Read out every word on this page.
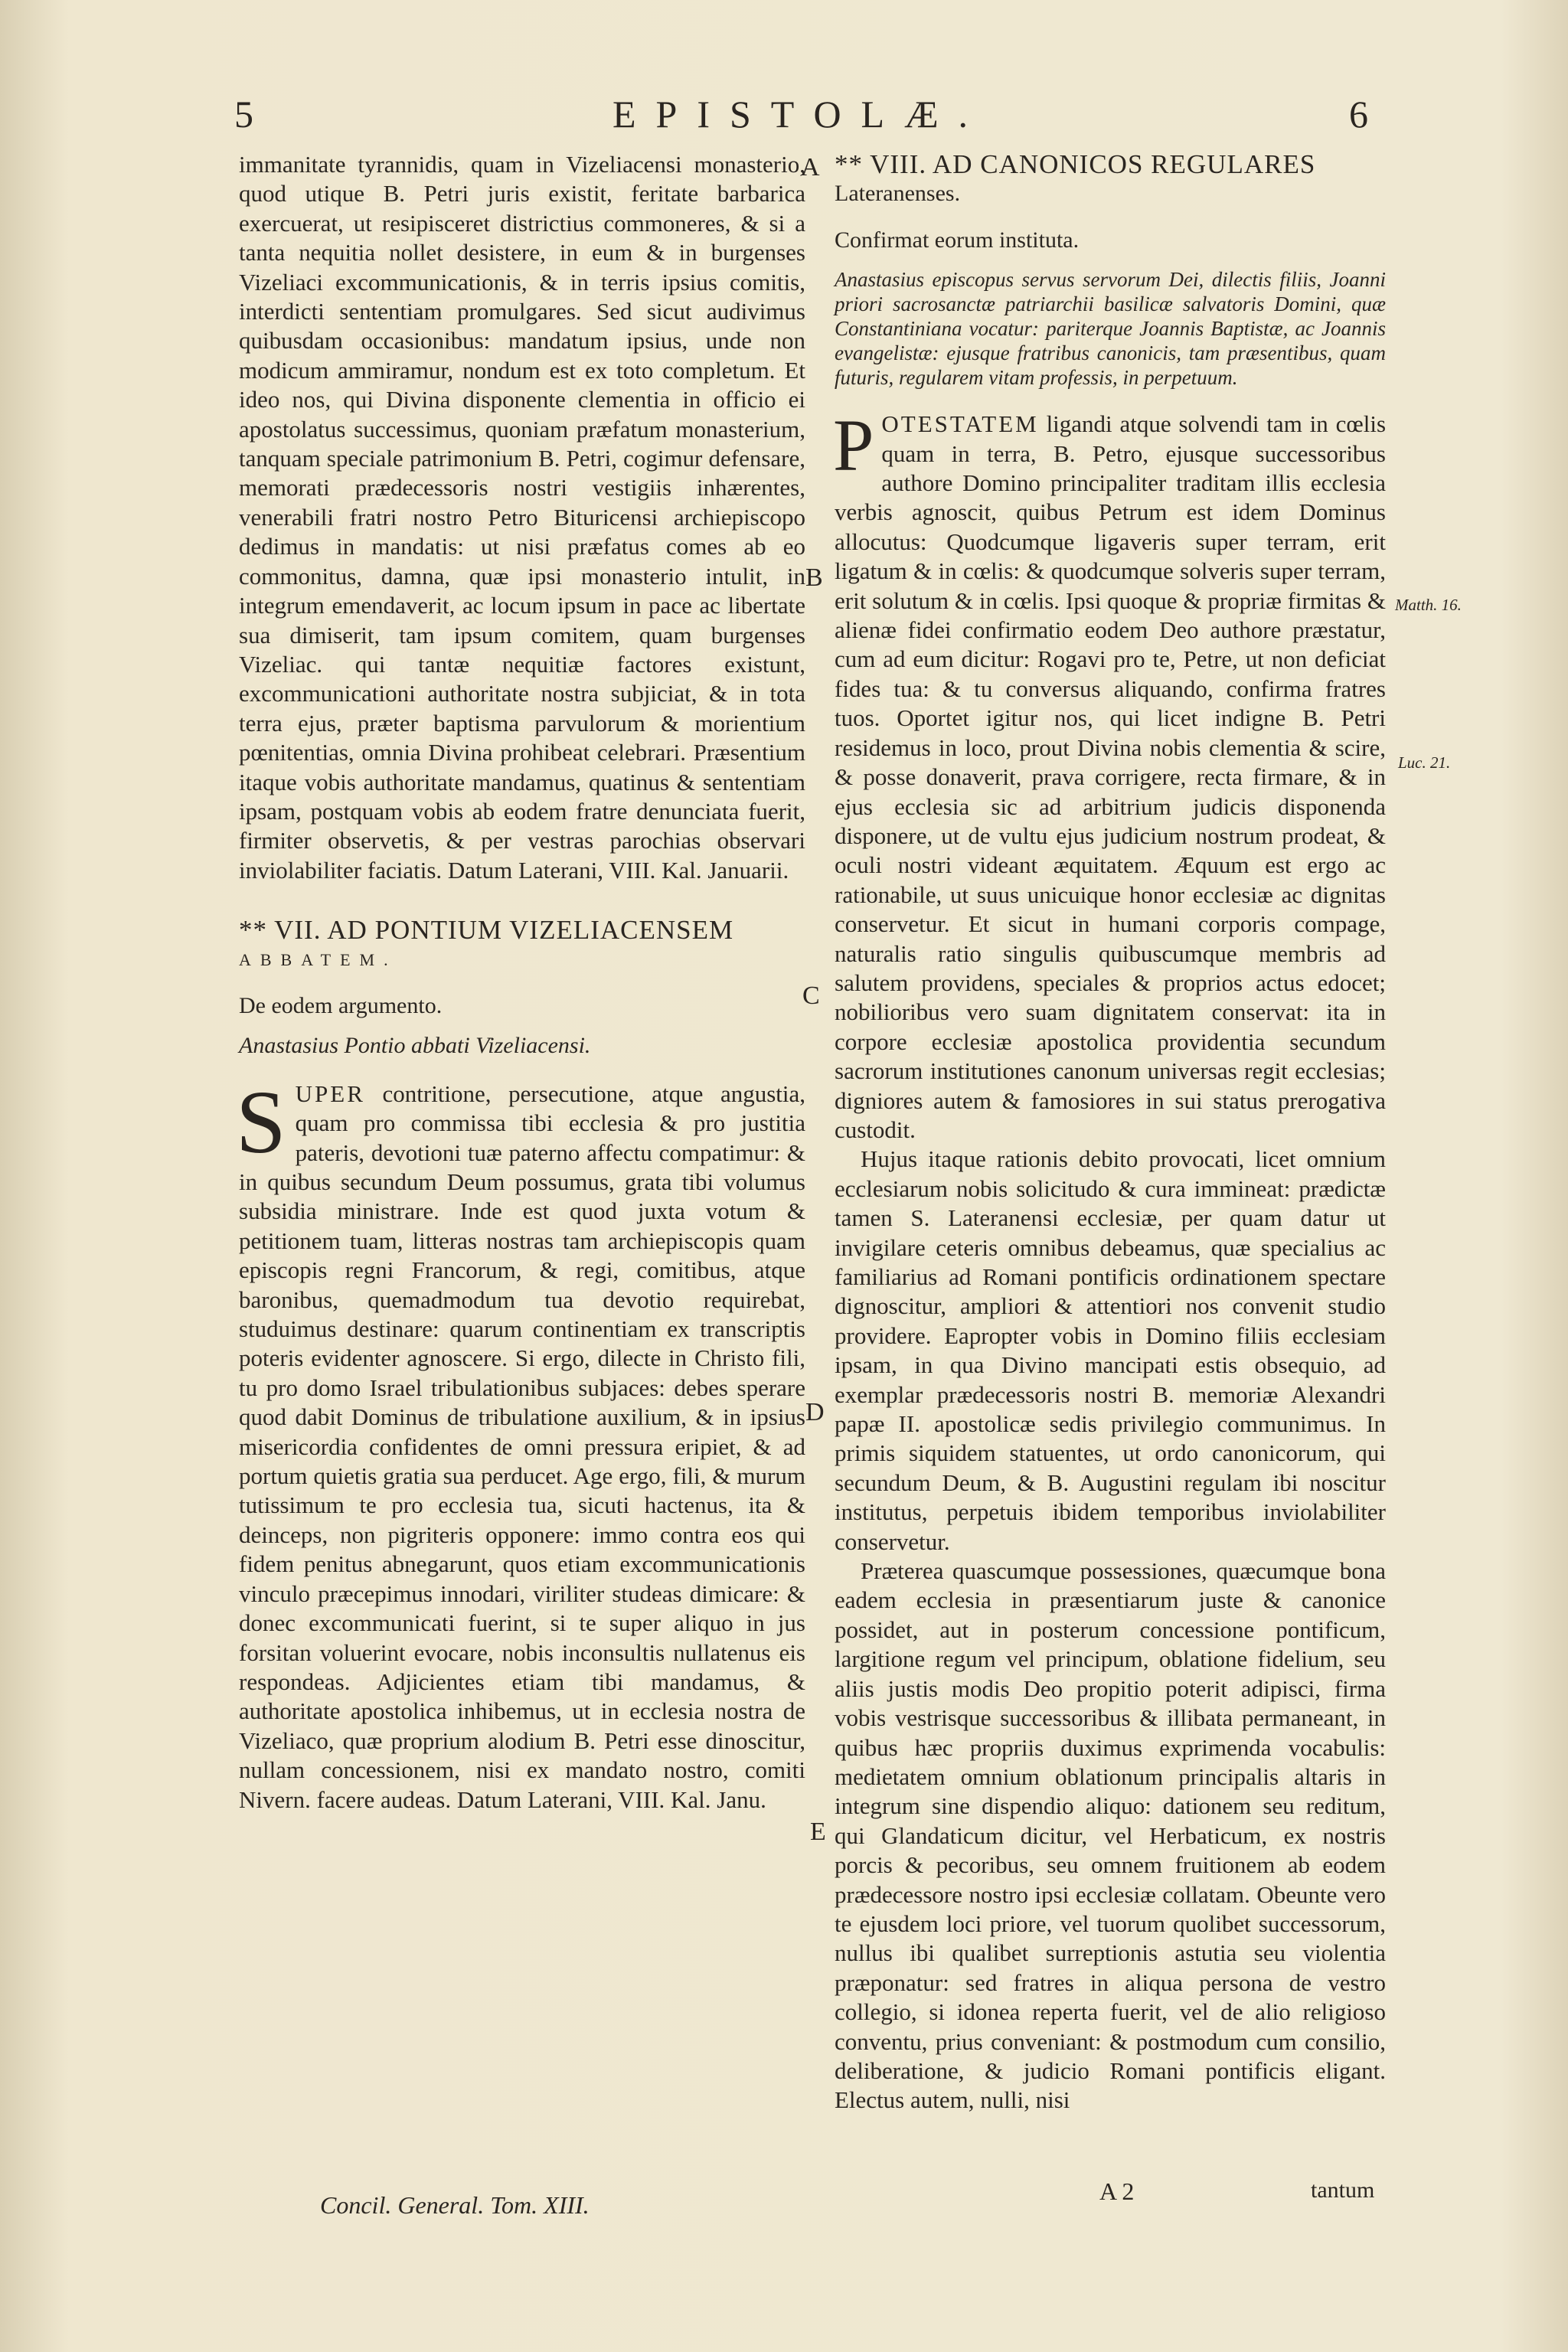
5	EPISTOLÆ.	6

immanitate tyrannidis, quam in Vizeliacensi monasterio, quod utique B. Petri juris existit, feritate barbarica exercuerat, ut resipisceret districtius commoneres, & si a tanta nequitia nollet desistere, in eum & in burgenses Vizeliaci excommunicationis, & in terris ipsius comitis, interdicti sententiam promulgares. Sed sicut audivimus quibusdam occasionibus: mandatum ipsius, unde non modicum ammiramur, nondum est ex toto completum. Et ideo nos, qui Divina disponente clementia in officio ei apostolatus successimus, quoniam præfatum monasterium, tanquam speciale patrimonium B. Petri, cogimur defensare, memorati prædecessoris nostri vestigiis inhærentes, venerabili fratri nostro Petro Bituricensi archiepiscopo dedimus in mandatis: ut nisi præfatus comes ab eo commonitus, damna, quæ ipsi monasterio intulit, in integrum emendaverit, ac locum ipsum in pace ac libertate sua dimiserit, tam ipsum comitem, quam burgenses Vizeliac. qui tantæ nequitiæ factores existunt, excommunicationi authoritate nostra subjiciat, & in tota terra ejus, præter baptisma parvulorum & morientium pœnitentias, omnia Divina prohibeat celebrari. Præsentium itaque vobis authoritate mandamus, quatinus & sententiam ipsam, postquam vobis ab eodem fratre denunciata fuerit, firmiter observetis, & per vestras parochias observari inviolabiliter faciatis. Datum Laterani, VIII. Kal. Januarii.

** VII. AD PONTIUM VIZELIACENSEM

ABBATEM.

De eodem argumento.

Anastasius Pontio abbati Vizeliacensi.

S UPER contritione, persecutione, atque angustia, quam pro commissa tibi ecclesia & pro justitia pateris, devotioni tuæ paterno affectu compatimur: & in quibus secundum Deum possumus, grata tibi volumus subsidia ministrare. Inde est quod juxta votum & petitionem tuam, litteras nostras tam archiepiscopis quam episcopis regni Francorum, & regi, comitibus, atque baronibus, quemadmodum tua devotio requirebat, studuimus destinare: quarum continentiam ex transcriptis poteris evidenter agnoscere. Si ergo, dilecte in Christo fili, tu pro domo Israel tribulationibus subjaces: debes sperare quod dabit Dominus de tribulatione auxilium, & in ipsius misericordia confidentes de omni pressura eripiet, & ad portum quietis gratia sua perducet. Age ergo, fili, & murum tutissimum te pro ecclesia tua, sicuti hactenus, ita & deinceps, non pigriteris opponere: immo contra eos qui fidem penitus abnegarunt, quos etiam excommunicationis vinculo præcepimus innodari, viriliter studeas dimicare: & donec excommunicati fuerint, si te super aliquo in jus forsitan voluerint evocare, nobis inconsultis nullatenus eis respondeas. Adjicientes etiam tibi mandamus, & authoritate apostolica inhibemus, ut in ecclesia nostra de Vizeliaco, quæ proprium alodium B. Petri esse dinoscitur, nullam concessionem, nisi ex mandato nostro, comiti Nivern. facere audeas. Datum Laterani, VIII. Kal. Janu.

** VIII. AD CANONICOS REGULARES

Lateranenses.

Confirmat eorum instituta.

Anastasius episcopus servus servorum Dei, dilectis filiis, Joanni priori sacrosanctæ patriarchii basilicæ salvatoris Domini, quæ Constantiniana vocatur: pariterque Joannis Baptistæ, ac Joannis evangelistæ: ejusque fratribus canonicis, tam præsentibus, quam futuris, regularem vitam professis, in perpetuum.

P OTESTATEM ligandi atque solvendi tam in cœlis quam in terra, B. Petro, ejusque successoribus authore Domino principaliter traditam illis ecclesia verbis agnoscit, quibus Petrum est idem Dominus allocutus: Quodcumque ligaveris super terram, erit ligatum & in cœlis: & quodcumque solveris super terram, erit solutum & in cœlis. Ipsi quoque & propriæ firmitas & alienæ fidei confirmatio eodem Deo authore præstatur, cum ad eum dicitur: Rogavi pro te, Petre, ut non deficiat fides tua: & tu conversus aliquando, confirma fratres tuos. Oportet igitur nos, qui licet indigne B. Petri residemus in loco, prout Divina nobis clementia & scire, & posse donaverit, prava corrigere, recta firmare, & in ejus ecclesia sic ad arbitrium judicis disponenda disponere, ut de vultu ejus judicium nostrum prodeat, & oculi nostri videant æquitatem. Æquum est ergo ac rationabile, ut suus unicuique honor ecclesiæ ac dignitas conservetur. Et sicut in humani corporis compage, naturalis ratio singulis quibuscumque membris ad salutem providens, speciales & proprios actus edocet; nobilioribus vero suam dignitatem conservat: ita in corpore ecclesiæ apostolica providentia secundum sacrorum institutiones canonum universas regit ecclesias; digniores autem & famosiores in sui status prerogativa custodit.

Hujus itaque rationis debito provocati, licet omnium ecclesiarum nobis solicitudo & cura immineat: prædictæ tamen S. Lateranensi ecclesiæ, per quam datur ut invigilare ceteris omnibus debeamus, quæ specialius ac familiarius ad Romani pontificis ordinationem spectare dignoscitur, ampliori & attentiori nos convenit studio providere. Eapropter vobis in Domino filiis ecclesiam ipsam, in qua Divino mancipati estis obsequio, ad exemplar prædecessoris nostri B. memoriæ Alexandri papæ II. apostolicæ sedis privilegio communimus. In primis siquidem statuentes, ut ordo canonicorum, qui secundum Deum, & B. Augustini regulam ibi noscitur institutus, perpetuis ibidem temporibus inviolabiliter conservetur.

Præterea quascumque possessiones, quæcumque bona eadem ecclesia in præsentiarum juste & canonice possidet, aut in posterum concessione pontificum, largitione regum vel principum, oblatione fidelium, seu aliis justis modis Deo propitio poterit adipisci, firma vobis vestrisque successoribus & illibata permaneant, in quibus hæc propriis duximus exprimenda vocabulis: medietatem omnium oblationum principalis altaris in integrum sine dispendio aliquo: dationem seu reditum, qui Glandaticum dicitur, vel Herbaticum, ex nostris porcis & pecoribus, seu omnem fruitionem ab eodem prædecessore nostro ipsi ecclesiæ collatam. Obeunte vero te ejusdem loci priore, vel tuorum quolibet successorum, nullus ibi qualibet surreptionis astutia seu violentia præponatur: sed fratres in aliqua persona de vestro collegio, si idonea reperta fuerit, vel de alio religioso conventu, prius conveniant: & postmodum cum consilio, deliberatione, & judicio Romani pontificis eligant. Electus autem, nulli, nisi

A
B
C
D
E
Matth. 16.
Luc. 21.
Concil. General. Tom. XIII.	A 2	tantum
